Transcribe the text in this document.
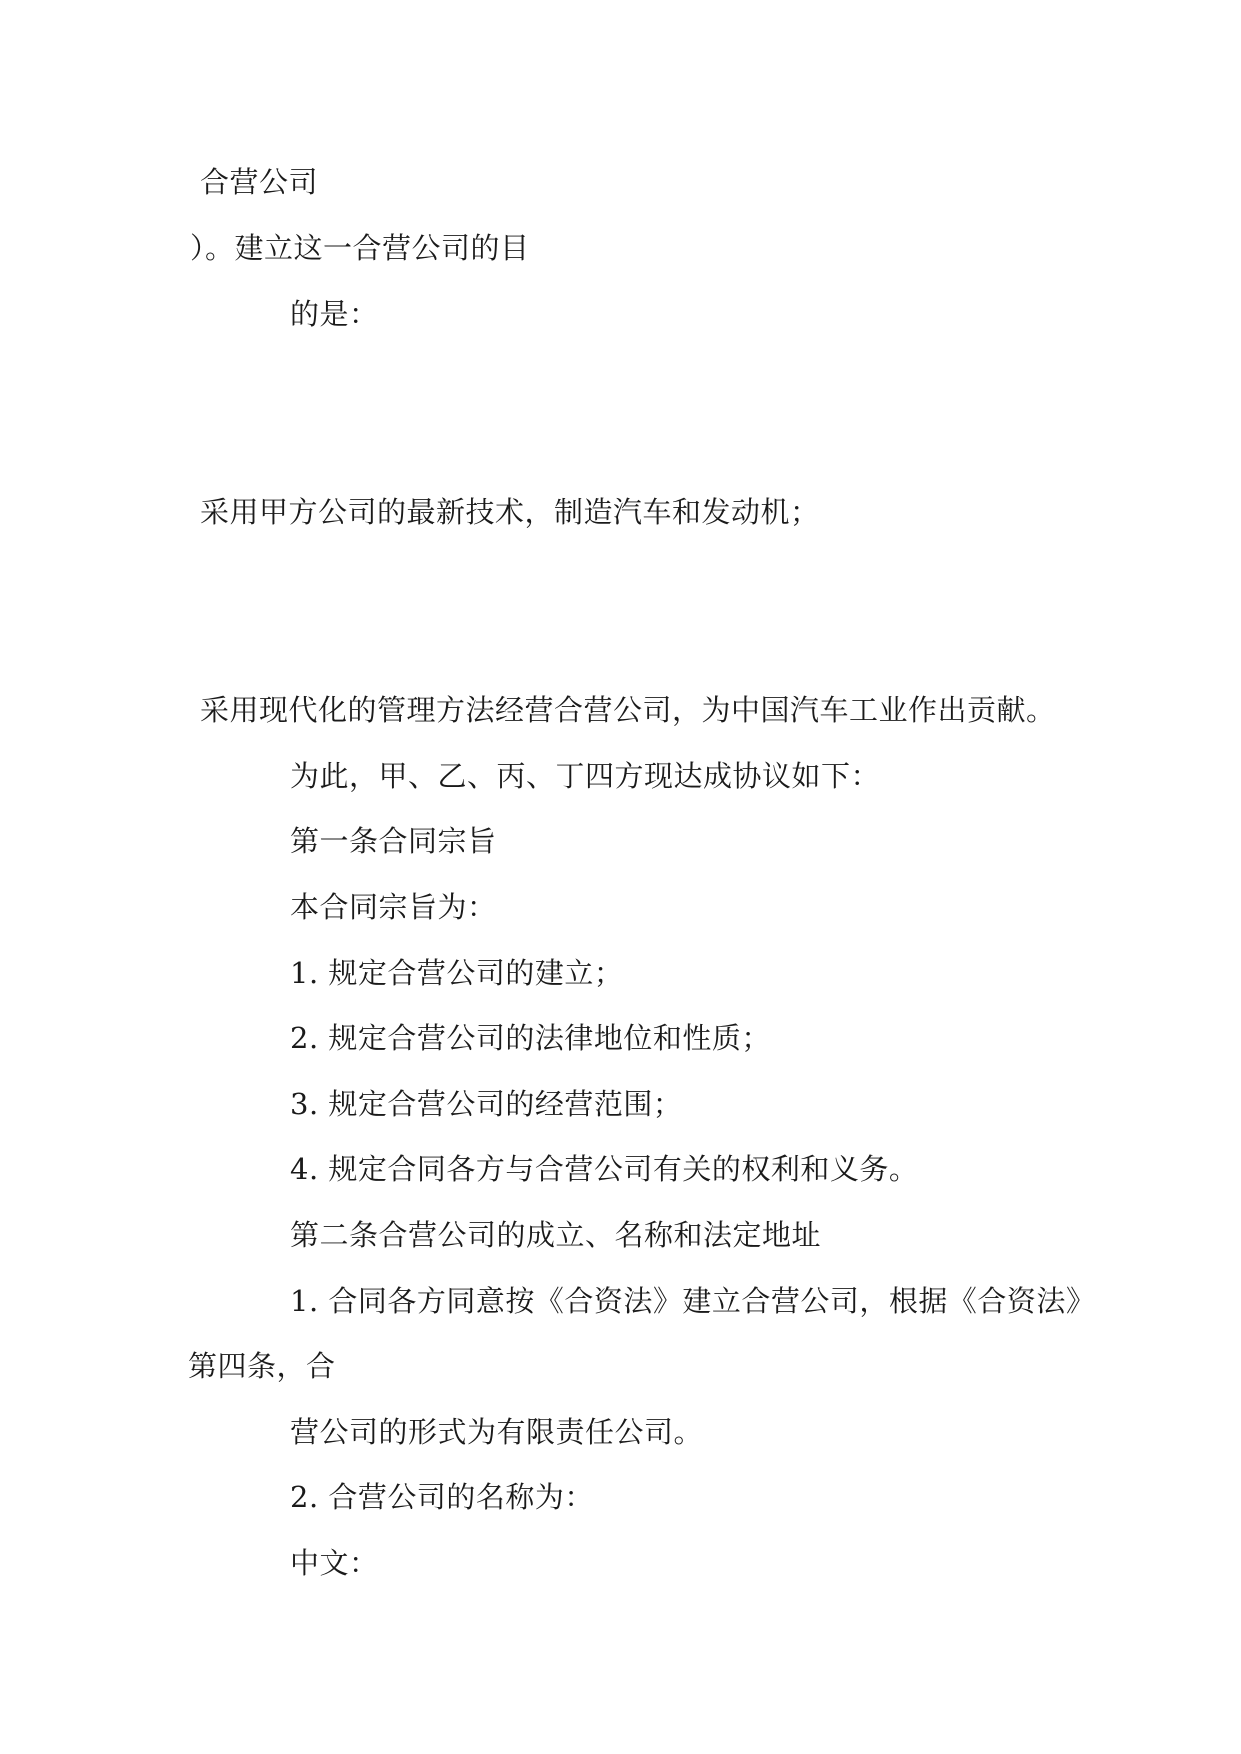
合营公司
）。建立这一合营公司的目
的是：
采用甲方公司的最新技术，制造汽车和发动机；
采用现代化的管理方法经营合营公司，为中国汽车工业作出贡献。
为此，甲、乙、丙、丁四方现达成协议如下：
第一条合同宗旨
本合同宗旨为：
1. 规定合营公司的建立；
2. 规定合营公司的法律地位和性质；
3. 规定合营公司的经营范围；
4. 规定合同各方与合营公司有关的权利和义务。
第二条合营公司的成立、名称和法定地址
1. 合同各方同意按《合资法》建立合营公司，根据《合资法》
第四条，合
营公司的形式为有限责任公司。
2. 合营公司的名称为：
中文：
